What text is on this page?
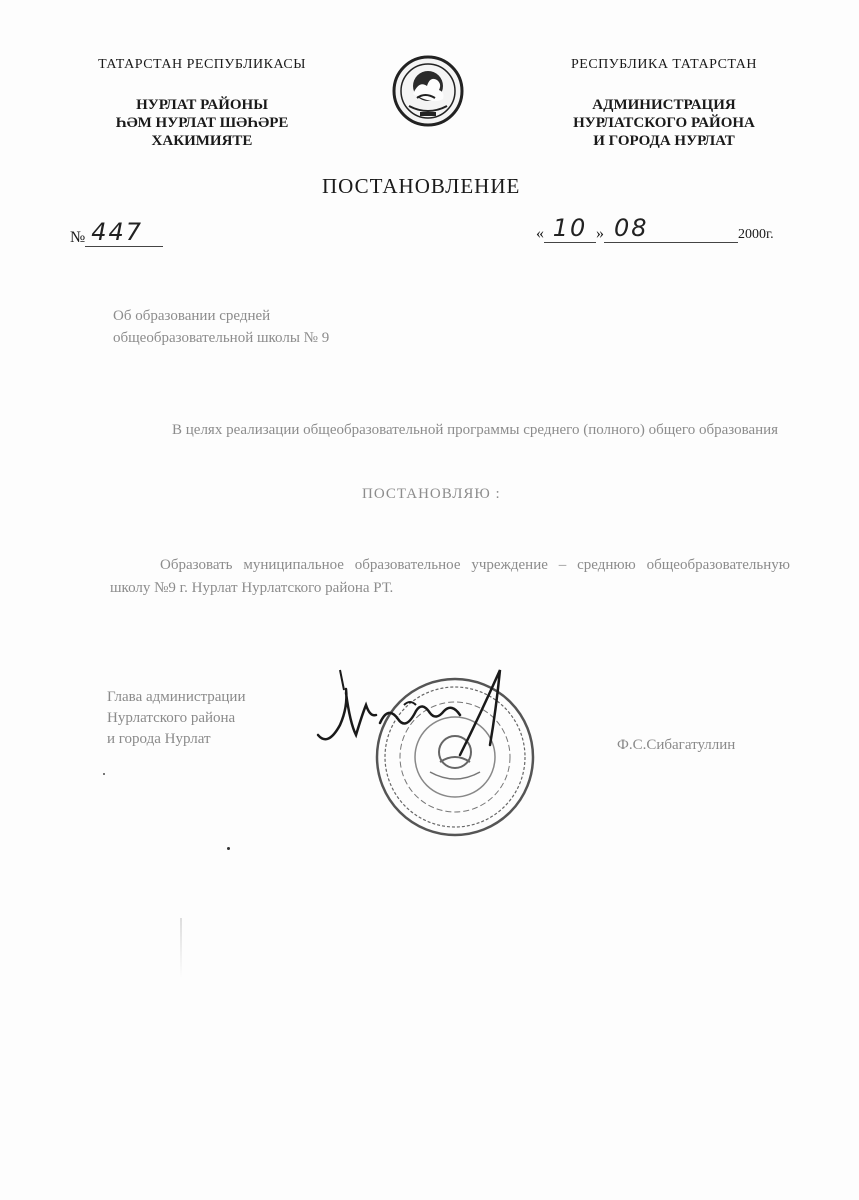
ТАТАРСТАН РЕСПУБЛИКАСЫ
НУРЛАТ РАЙОНЫ
ҺӘМ НУРЛАТ ШӘҺӘРЕ
ХАКИМИЯТЕ
РЕСПУБЛИКА ТАТАРСТАН
АДМИНИСТРАЦИЯ
НУРЛАТСКОГО РАЙОНА
И ГОРОДА НУРЛАТ
ПОСТАНОВЛЕНИЕ
№ 447	« 10 » 08	2000 г.
Об образовании средней
общеобразовательной школы № 9
В целях реализации общеобразовательной программы среднего (полного) общего образования
ПОСТАНОВЛЯЮ :
Образовать муниципальное образовательное учреждение – среднюю общеобразовательную школу №9 г. Нурлат Нурлатского района РТ.
Глава администрации
Нурлатского района
и города Нурлат	Ф.С.Сибагатуллин
